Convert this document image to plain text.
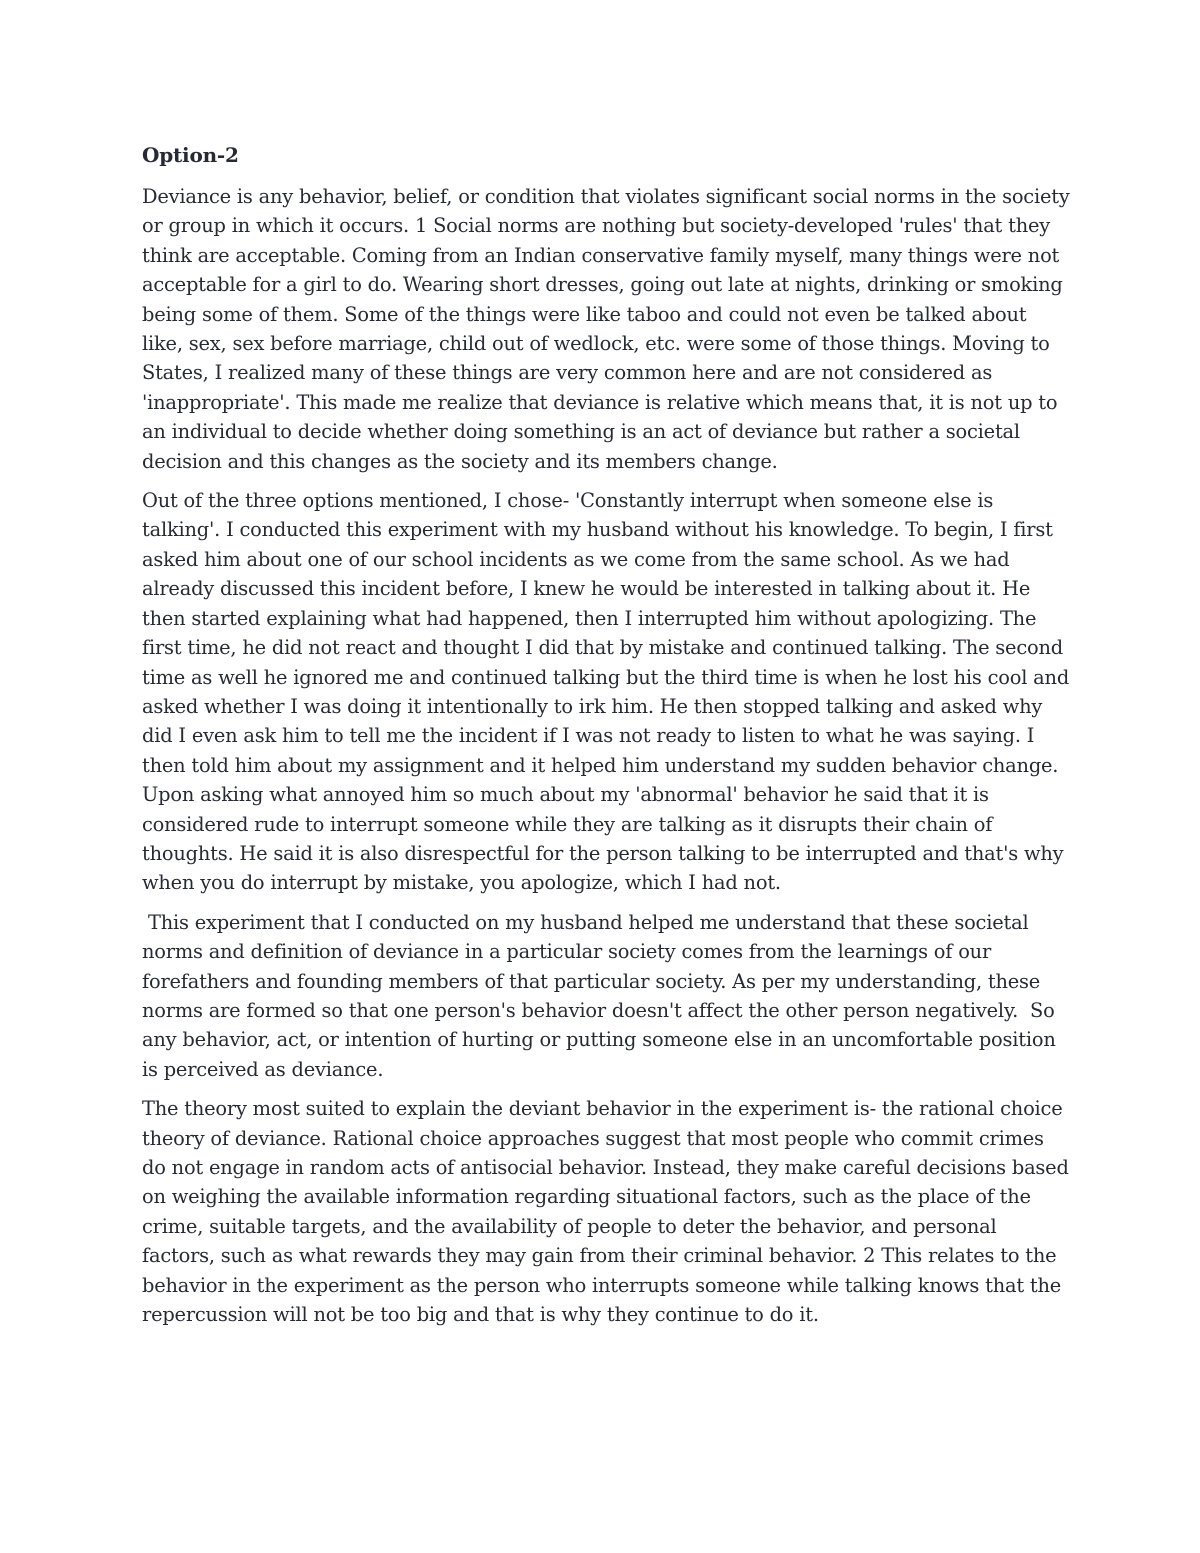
Option-2

Deviance is any behavior, belief, or condition that violates significant social norms in the society or group in which it occurs. 1 Social norms are nothing but society-developed 'rules' that they think are acceptable. Coming from an Indian conservative family myself, many things were not acceptable for a girl to do. Wearing short dresses, going out late at nights, drinking or smoking being some of them. Some of the things were like taboo and could not even be talked about like, sex, sex before marriage, child out of wedlock, etc. were some of those things. Moving to States, I realized many of these things are very common here and are not considered as 'inappropriate'. This made me realize that deviance is relative which means that, it is not up to an individual to decide whether doing something is an act of deviance but rather a societal decision and this changes as the society and its members change.

Out of the three options mentioned, I chose- 'Constantly interrupt when someone else is talking'. I conducted this experiment with my husband without his knowledge. To begin, I first asked him about one of our school incidents as we come from the same school. As we had already discussed this incident before, I knew he would be interested in talking about it. He then started explaining what had happened, then I interrupted him without apologizing. The first time, he did not react and thought I did that by mistake and continued talking. The second time as well he ignored me and continued talking but the third time is when he lost his cool and asked whether I was doing it intentionally to irk him. He then stopped talking and asked why did I even ask him to tell me the incident if I was not ready to listen to what he was saying. I then told him about my assignment and it helped him understand my sudden behavior change. Upon asking what annoyed him so much about my 'abnormal' behavior he said that it is considered rude to interrupt someone while they are talking as it disrupts their chain of thoughts. He said it is also disrespectful for the person talking to be interrupted and that's why when you do interrupt by mistake, you apologize, which I had not.

This experiment that I conducted on my husband helped me understand that these societal norms and definition of deviance in a particular society comes from the learnings of our forefathers and founding members of that particular society. As per my understanding, these norms are formed so that one person's behavior doesn't affect the other person negatively.  So any behavior, act, or intention of hurting or putting someone else in an uncomfortable position is perceived as deviance.

The theory most suited to explain the deviant behavior in the experiment is- the rational choice theory of deviance. Rational choice approaches suggest that most people who commit crimes do not engage in random acts of antisocial behavior. Instead, they make careful decisions based on weighing the available information regarding situational factors, such as the place of the crime, suitable targets, and the availability of people to deter the behavior, and personal factors, such as what rewards they may gain from their criminal behavior. 2 This relates to the behavior in the experiment as the person who interrupts someone while talking knows that the repercussion will not be too big and that is why they continue to do it.
